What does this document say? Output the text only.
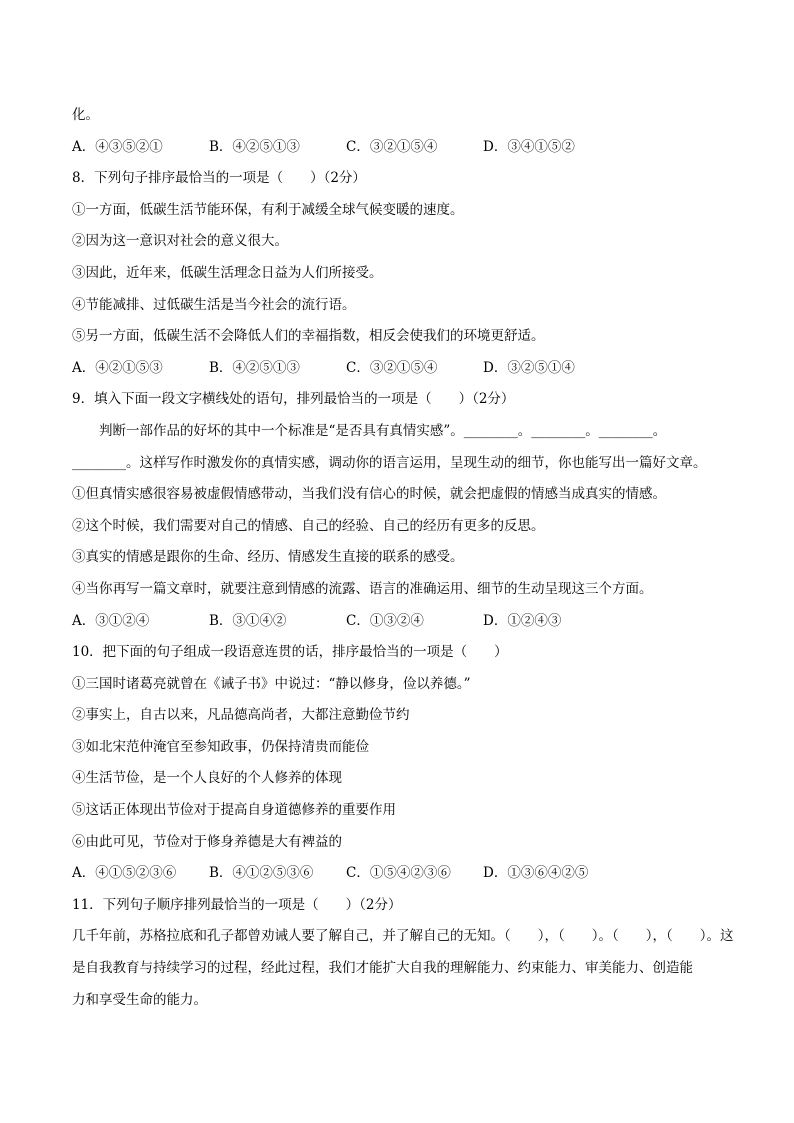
化。
A．④③⑤②①	B．④②⑤①③	C．③②①⑤④	D．③④①⑤②
8．下列句子排序最恰当的一项是（　　）（2分）
①一方面，低碳生活节能环保，有利于减缓全球气候变暖的速度。
②因为这一意识对社会的意义很大。
③因此，近年来，低碳生活理念日益为人们所接受。
④节能减排、过低碳生活是当今社会的流行语。
⑤另一方面，低碳生活不会降低人们的幸福指数，相反会使我们的环境更舒适。
A．④②①⑤③	B．④②⑤①③	C．③②①⑤④	D．③②⑤①④
9．填入下面一段文字横线处的语句，排列最恰当的一项是（　　）（2分）
判断一部作品的好坏的其中一个标准是“是否具有真情实感”。________。________。________。
________。这样写作时激发你的真情实感，调动你的语言运用，呈现生动的细节，你也能写出一篇好文章。
①但真情实感很容易被虚假情感带动，当我们没有信心的时候，就会把虚假的情感当成真实的情感。
②这个时候，我们需要对自己的情感、自己的经验、自己的经历有更多的反思。
③真实的情感是跟你的生命、经历、情感发生直接的联系的感受。
④当你再写一篇文章时，就要注意到情感的流露、语言的准确运用、细节的生动呈现这三个方面。
A．③①②④	B．③①④②	C．①③②④	D．①②④③
10．把下面的句子组成一段语意连贯的话，排序最恰当的一项是（　　）
①三国时诸葛亮就曾在《诫子书》中说过：“静以修身，俭以养德。”
②事实上，自古以来，凡品德高尚者，大都注意勤俭节约
③如北宋范仲淹官至参知政事，仍保持清贵而能俭
④生活节俭，是一个人良好的个人修养的体现
⑤这话正体现出节俭对于提高自身道德修养的重要作用
⑥由此可见，节俭对于修身养德是大有裨益的
A．④①⑤②③⑥	B．④①②⑤③⑥	C．①⑤④②③⑥	D．①③⑥④②⑤
11．下列句子顺序排列最恰当的一项是（　　）（2分）
几千年前，苏格拉底和孔子都曾劝诫人要了解自己，并了解自己的无知。（　　），（　　）。（　　），（　　）。这
是自我教育与持续学习的过程，经此过程，我们才能扩大自我的理解能力、约束能力、审美能力、创造能
力和享受生命的能力。
